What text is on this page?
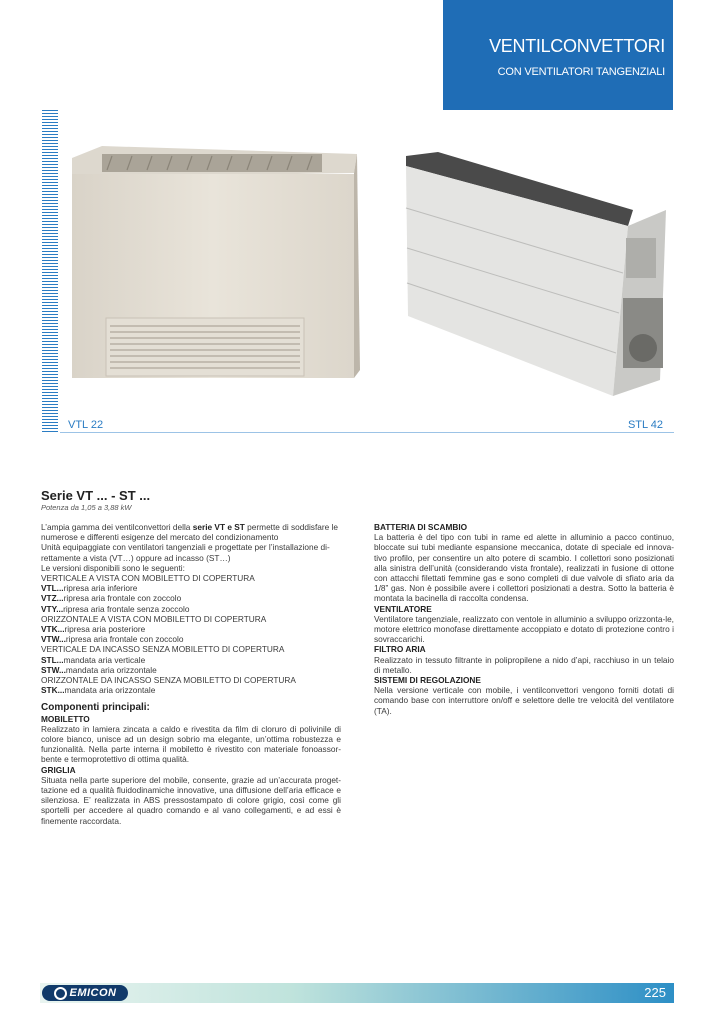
VENTILCONVETTORI
CON VENTILATORI TANGENZIALI
VTL 22	STL 42
Serie VT ... - ST ...
Potenza da 1,05 a 3,88 kW

L’ampia gamma dei ventilconvettori della serie VT e ST permette di soddisfare le numerose e differenti esigenze del mercato del condizionamento

Unità equipaggiate con ventilatori tangenziali e progettate per l’installazione di-rettamente a vista (VT…) oppure ad incasso (ST…)

Le versioni disponibili sono le seguenti:

VERTICALE A VISTA CON MOBILETTO DI COPERTURA

VTL...ripresa aria inferiore

VTZ...ripresa aria frontale con zoccolo

VTY...ripresa aria frontale senza zoccolo

ORIZZONTALE A VISTA CON MOBILETTO DI COPERTURA

VTK...ripresa aria posteriore

VTW...ripresa aria frontale con zoccolo

VERTICALE DA INCASSO SENZA MOBILETTO DI COPERTURA

STL...mandata aria verticale

STW...mandata aria orizzontale

ORIZZONTALE DA INCASSO SENZA MOBILETTO DI COPERTURA

STK...mandata aria orizzontale

Componenti principali:

MOBILETTO

Realizzato in lamiera zincata a caldo e rivestita da film di cloruro di polivinile di colore bianco, unisce ad un design sobrio ma elegante, un’ottima robustezza e funzionalità. Nella parte interna il mobiletto è rivestito con materiale fonoassor-bente e termoprotettivo di ottima qualità.

GRIGLIA

Situata nella parte superiore del mobile, consente, grazie ad un’accurata proget-tazione ed a qualità fluidodinamiche innovative, una diffusione dell’aria efficace e silenziosa. E’ realizzata in ABS pressostampato di colore grigio, così come gli sportelli per accedere al quadro comando e al vano collegamenti, e ad essi è finemente raccordata.

BATTERIA DI SCAMBIO

La batteria è del tipo con tubi in rame ed alette in alluminio a pacco continuo, bloccate sui tubi mediante espansione meccanica, dotate di speciale ed innova-tivo profilo, per consentire un alto potere di scambio. I collettori sono posizionati alla sinistra dell’unità (considerando vista frontale), realizzati in fusione di ottone con attacchi filettati femmine gas e sono completi di due valvole di sfiato aria da 1/8” gas. Non è possibile avere i collettori posizionati a destra. Sotto la batteria è montata la bacinella di raccolta condensa.

VENTILATORE

Ventilatore tangenziale, realizzato con ventole in alluminio a sviluppo orizzonta-le, motore elettrico monofase direttamente accoppiato e dotato di protezione contro i sovraccarichi.

FILTRO ARIA

Realizzato in tessuto filtrante in polipropilene a nido d’api, racchiuso in un telaio di metallo.

SISTEMI DI REGOLAZIONE

Nella versione verticale con mobile, i ventilconvettori vengono forniti dotati di comando base con interruttore on/off e selettore delle tre velocità del ventilatore (TA).

EMICON	225
